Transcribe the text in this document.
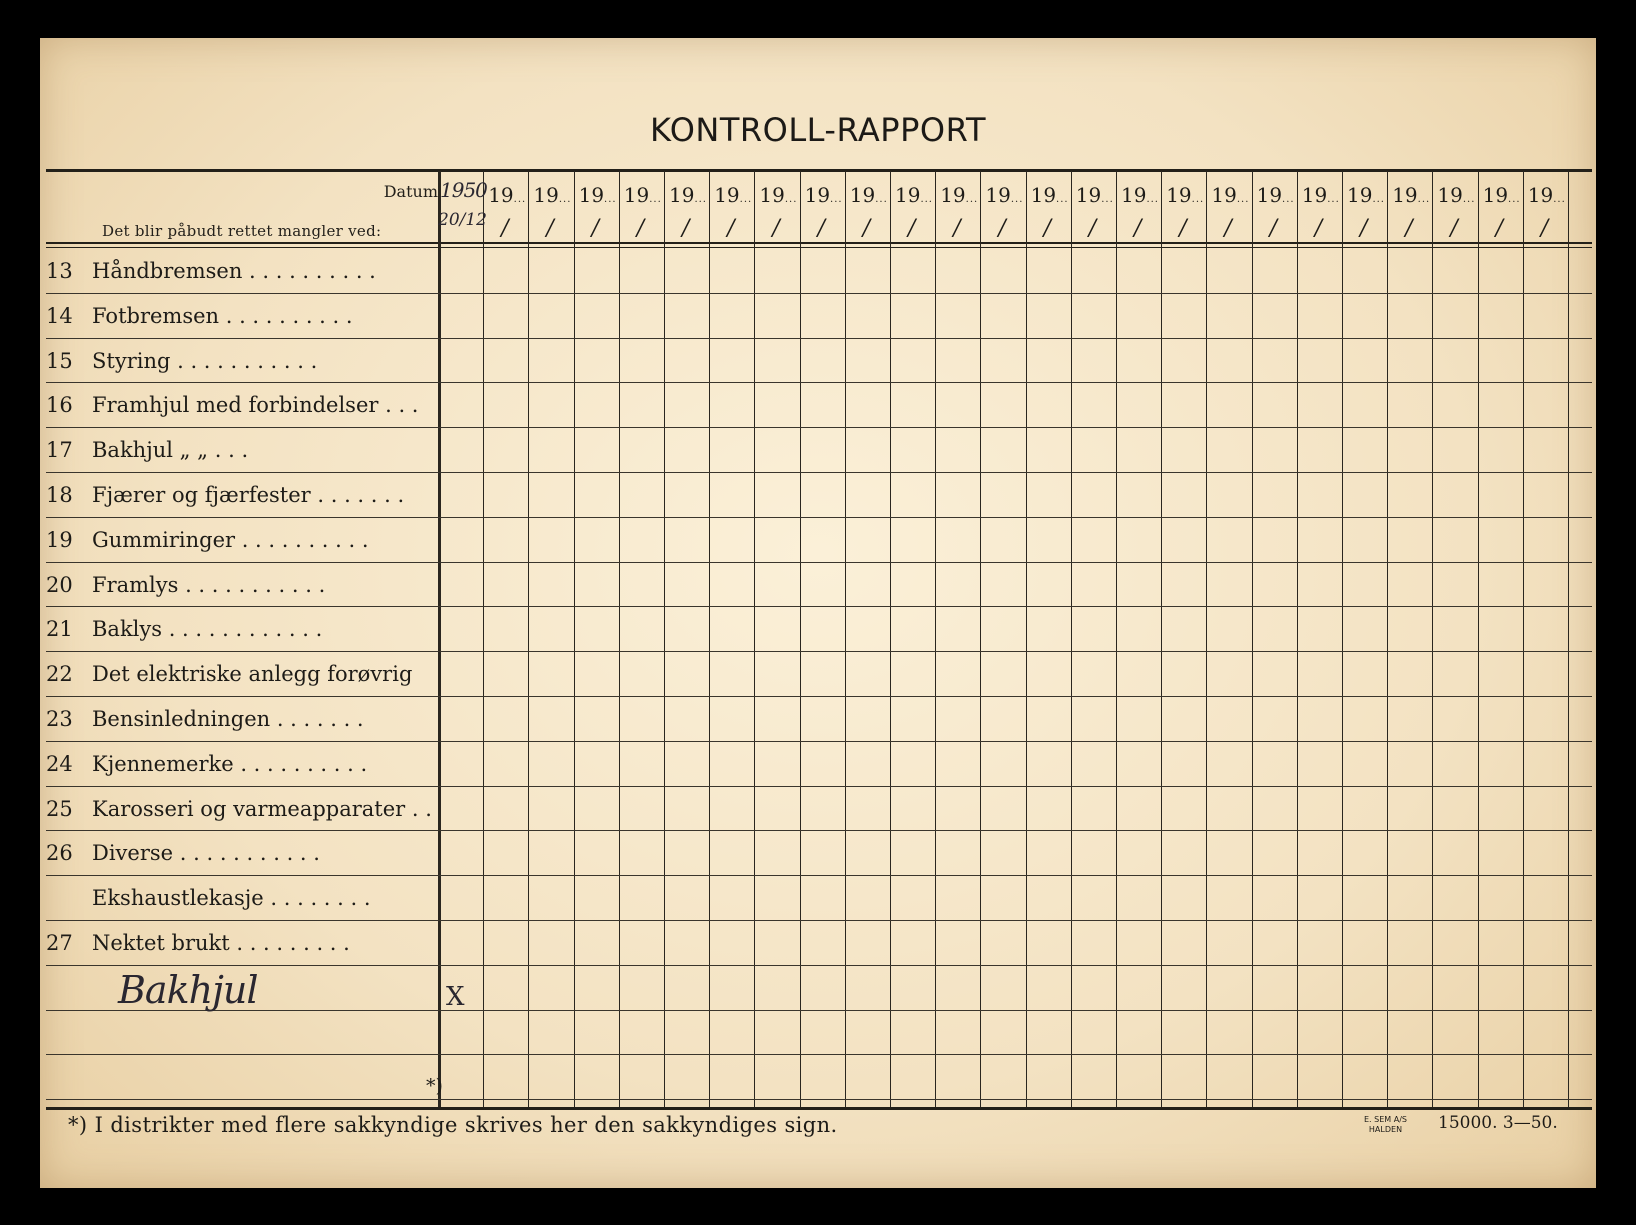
KONTROLL-RAPPORT
Datum
Det blir påbudt rettet mangler ved:
13 Håndbremsen . . . . . . . . . .
14 Fotbremsen . . . . . . . . . .
15 Styring . . . . . . . . . . .
16 Framhjul med forbindelser . . .
17 Bakhjul „ „ . . .
18 Fjærer og fjærfester . . . . . . .
19 Gummiringer . . . . . . . . . .
20 Framlys . . . . . . . . . . .
21 Baklys . . . . . . . . . . . .
22 Det elektriske anlegg forøvrig
23 Bensinledningen . . . . . . .
24 Kjennemerke . . . . . . . . . .
25 Karosseri og varmeapparater . .
26 Diverse . . . . . . . . . . .
Ekshaustlekasje . . . . . . . .
27 Nektet brukt . . . . . . . . .
19...
/
19...
/
19...
/
19...
/
19...
/
19...
/
19...
/
19...
/
19...
/
19...
/
19...
/
19...
/
19...
/
19...
/
19...
/
19...
/
19...
/
19...
/
19...
/
19...
/
19...
/
19...
/
19...
/
19...
/
1950
20/12
Bakhjul	X
*)
*) I distrikter med flere sakkyndige skrives her den sakkyndiges sign.	E. SEM A/S
HALDEN 15000. 3—50.
